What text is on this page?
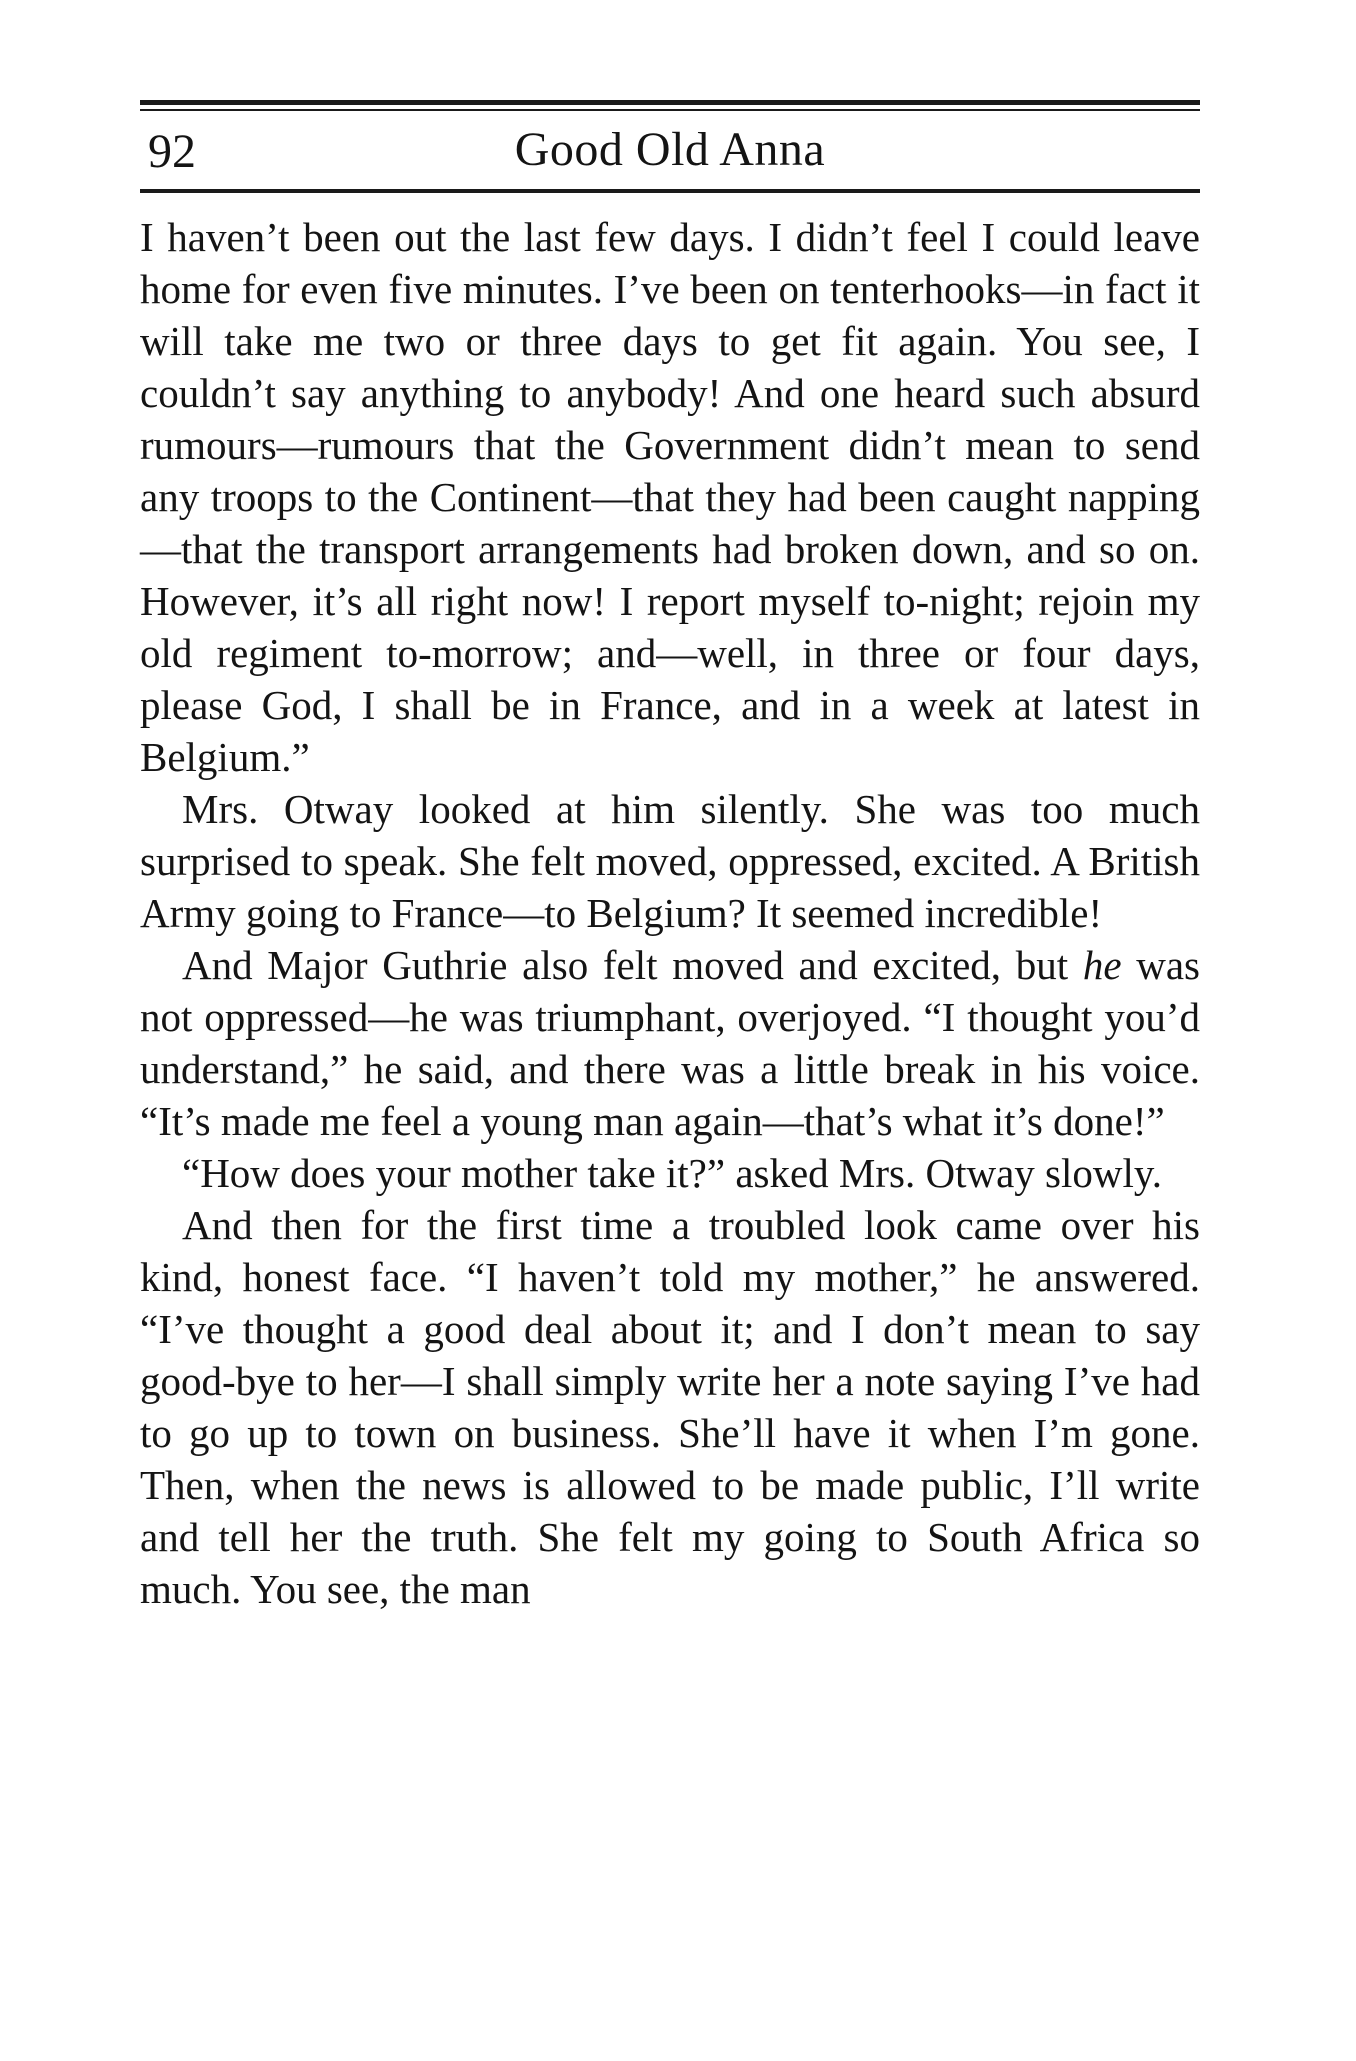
92	Good Old Anna

I haven’t been out the last few days. I didn’t feel I could leave home for even five minutes. I’ve been on tenterhooks—in fact it will take me two or three days to get fit again. You see, I couldn’t say anything to anybody! And one heard such absurd rumours—rumours that the Government didn’t mean to send any troops to the Continent—that they had been caught napping—that the transport arrangements had broken down, and so on. However, it’s all right now! I report myself to-night; rejoin my old regiment to-morrow; and—well, in three or four days, please God, I shall be in France, and in a week at latest in Belgium.”

Mrs. Otway looked at him silently. She was too much surprised to speak. She felt moved, oppressed, excited. A British Army going to France—to Belgium? It seemed incredible!

And Major Guthrie also felt moved and excited, but he was not oppressed—he was triumphant, overjoyed. “I thought you’d understand,” he said, and there was a little break in his voice. “It’s made me feel a young man again—that’s what it’s done!”

“How does your mother take it?” asked Mrs. Otway slowly.

And then for the first time a troubled look came over his kind, honest face. “I haven’t told my mother,” he answered. “I’ve thought a good deal about it; and I don’t mean to say good-bye to her—I shall simply write her a note saying I’ve had to go up to town on business. She’ll have it when I’m gone. Then, when the news is allowed to be made public, I’ll write and tell her the truth. She felt my going to South Africa so much. You see, the man
